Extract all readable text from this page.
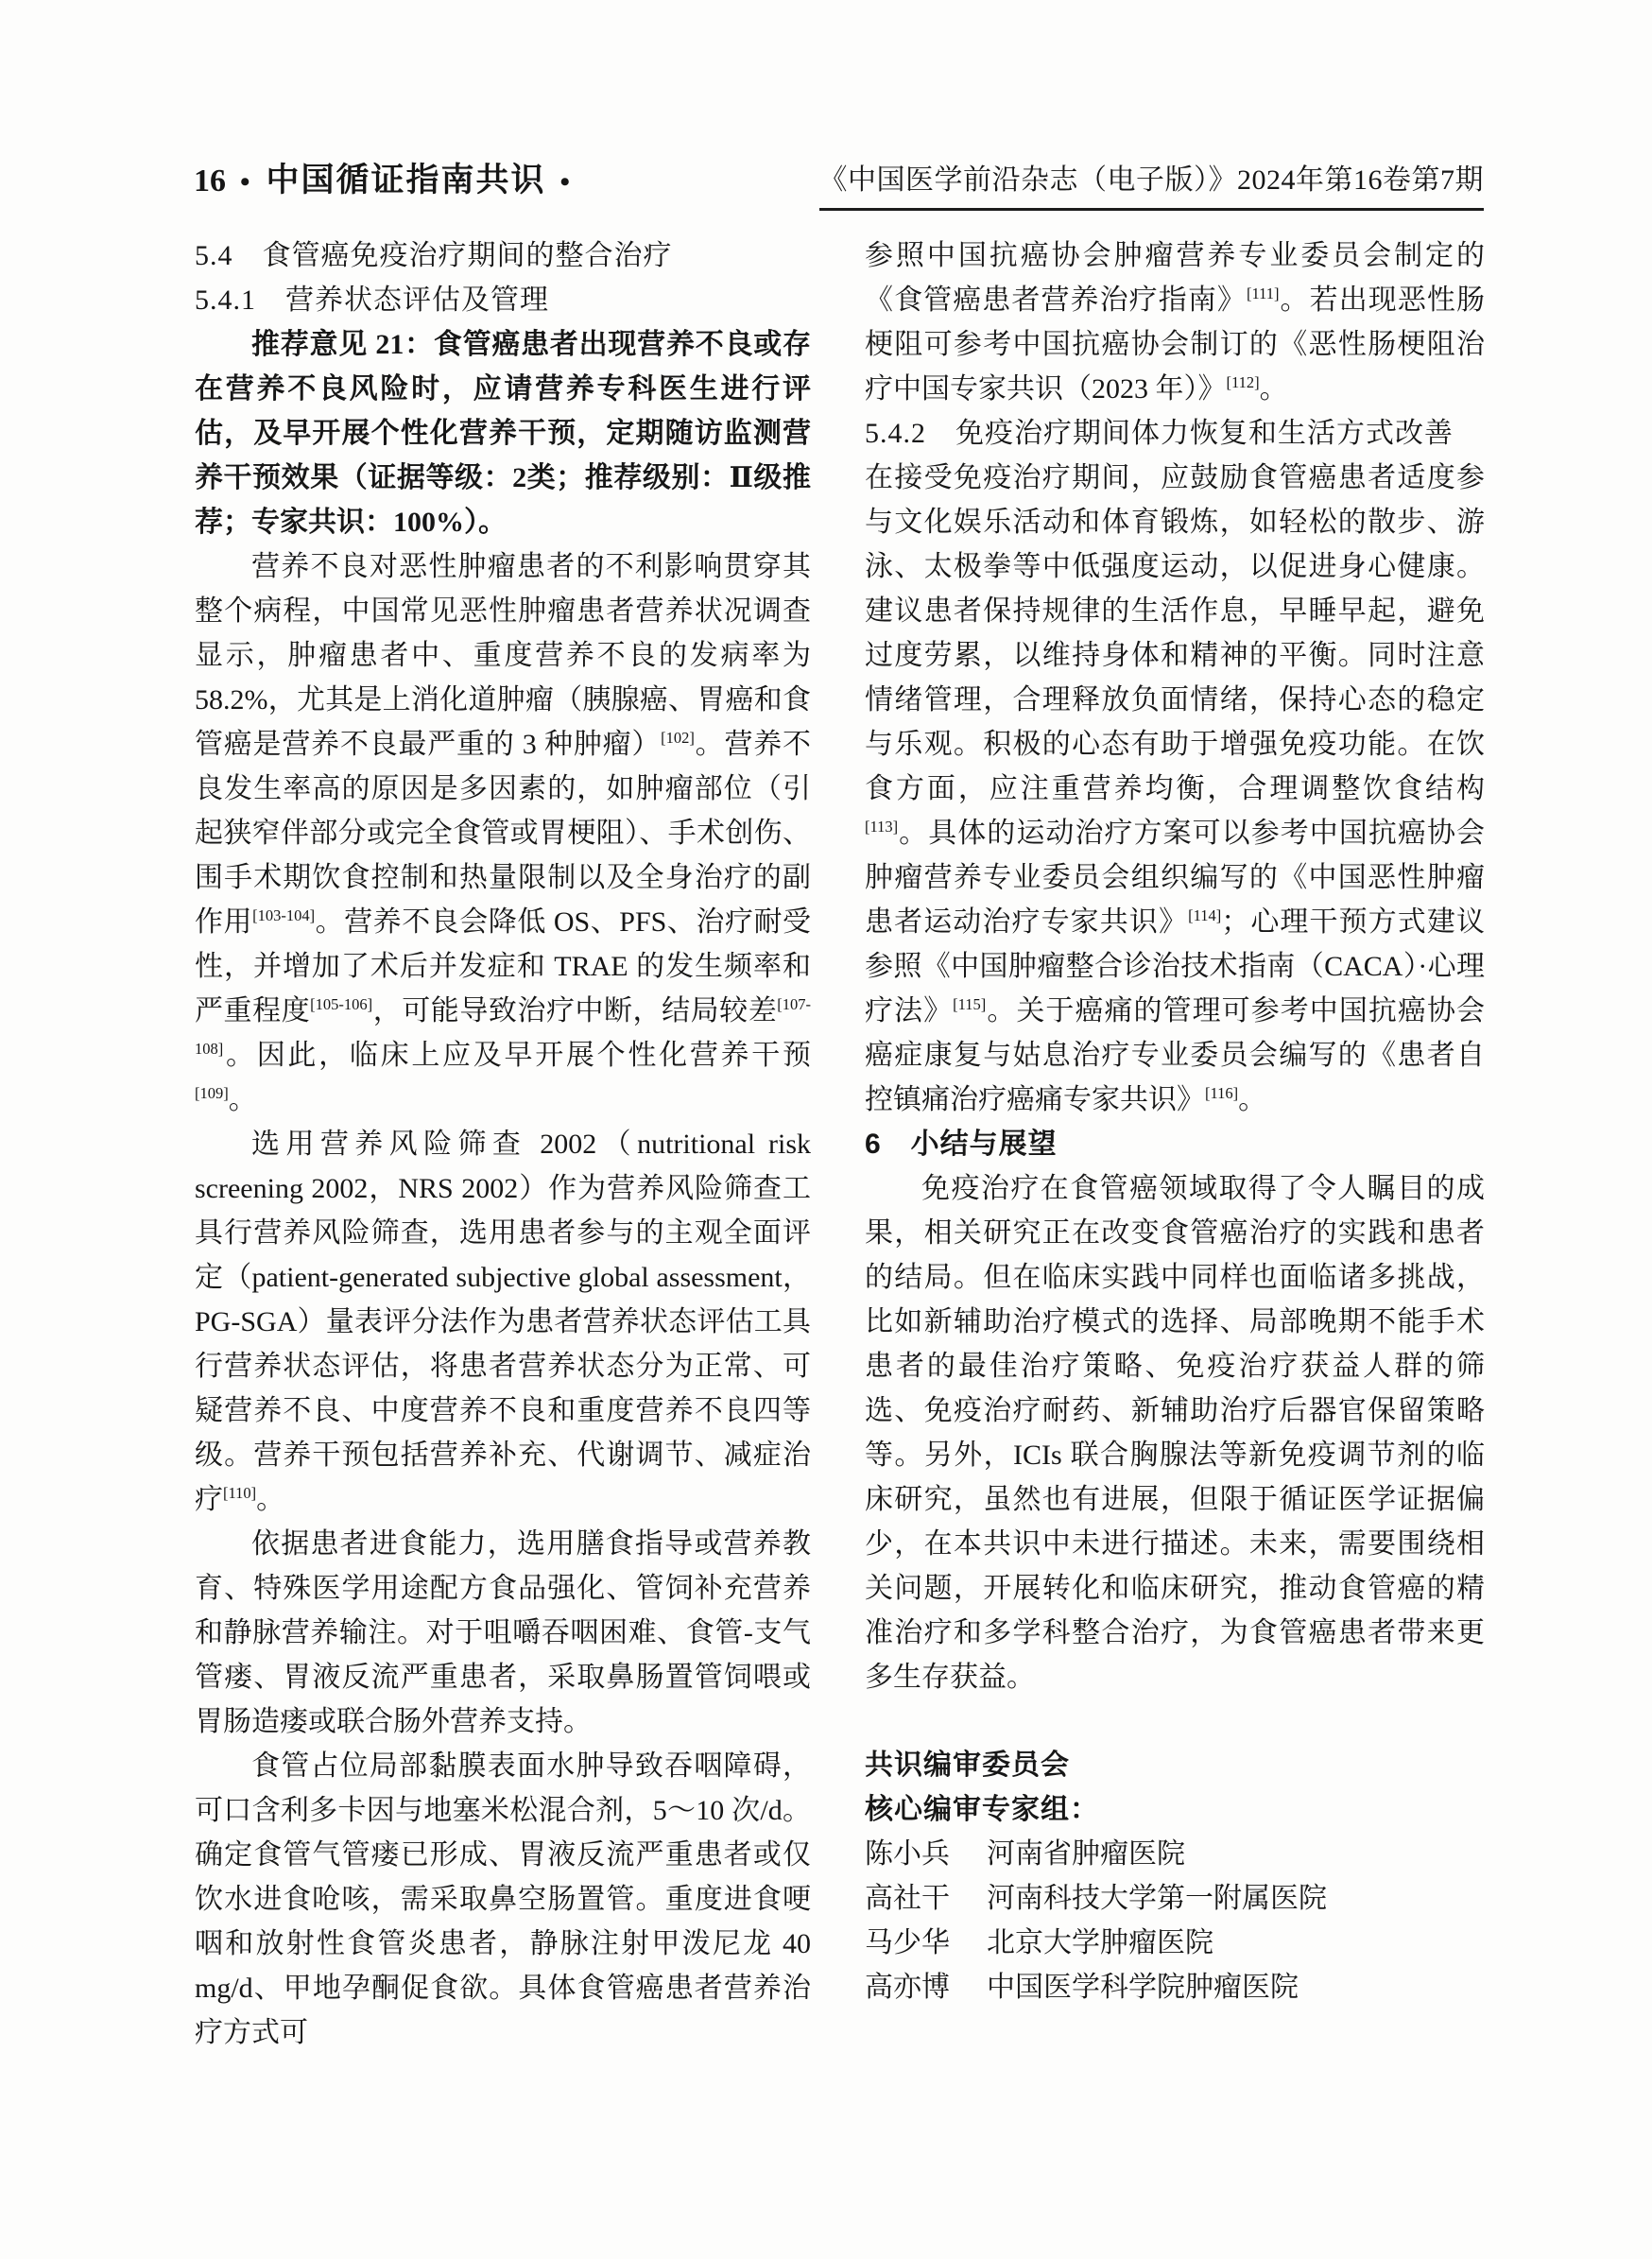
16 • 中国循证指南共识 •	《中国医学前沿杂志（电子版）》2024年第16卷第7期
5.4　食管癌免疫治疗期间的整合治疗
5.4.1　营养状态评估及管理

推荐意见 21：食管癌患者出现营养不良或存在营养不良风险时，应请营养专科医生进行评估，及早开展个性化营养干预，定期随访监测营养干预效果（证据等级：2类；推荐级别：Ⅱ级推荐；专家共识：100%）。

营养不良对恶性肿瘤患者的不利影响贯穿其整个病程，中国常见恶性肿瘤患者营养状况调查显示，肿瘤患者中、重度营养不良的发病率为58.2%，尤其是上消化道肿瘤（胰腺癌、胃癌和食管癌是营养不良最严重的 3 种肿瘤）[102]。营养不良发生率高的原因是多因素的，如肿瘤部位（引起狭窄伴部分或完全食管或胃梗阻）、手术创伤、围手术期饮食控制和热量限制以及全身治疗的副作用[103-104]。营养不良会降低 OS、PFS、治疗耐受性，并增加了术后并发症和 TRAE 的发生频率和严重程度[105-106]，可能导致治疗中断，结局较差[107-108]。因此，临床上应及早开展个性化营养干预[109]。

选用营养风险筛查 2002（nutritional risk screening 2002，NRS 2002）作为营养风险筛查工具行营养风险筛查，选用患者参与的主观全面评定（patient-generated subjective global assessment，PG-SGA）量表评分法作为患者营养状态评估工具行营养状态评估，将患者营养状态分为正常、可疑营养不良、中度营养不良和重度营养不良四等级。营养干预包括营养补充、代谢调节、减症治疗[110]。

依据患者进食能力，选用膳食指导或营养教育、特殊医学用途配方食品强化、管饲补充营养和静脉营养输注。对于咀嚼吞咽困难、食管-支气管瘘、胃液反流严重患者，采取鼻肠置管饲喂或胃肠造瘘或联合肠外营养支持。

食管占位局部黏膜表面水肿导致吞咽障碍，可口含利多卡因与地塞米松混合剂，5～10 次/d。确定食管气管瘘已形成、胃液反流严重患者或仅饮水进食呛咳，需采取鼻空肠置管。重度进食哽咽和放射性食管炎患者，静脉注射甲泼尼龙 40 mg/d、甲地孕酮促食欲。具体食管癌患者营养治疗方式可

参照中国抗癌协会肿瘤营养专业委员会制定的《食管癌患者营养治疗指南》[111]。若出现恶性肠梗阻可参考中国抗癌协会制订的《恶性肠梗阻治疗中国专家共识（2023 年）》[112]。

5.4.2　免疫治疗期间体力恢复和生活方式改善

在接受免疫治疗期间，应鼓励食管癌患者适度参与文化娱乐活动和体育锻炼，如轻松的散步、游泳、太极拳等中低强度运动，以促进身心健康。建议患者保持规律的生活作息，早睡早起，避免过度劳累，以维持身体和精神的平衡。同时注意情绪管理，合理释放负面情绪，保持心态的稳定与乐观。积极的心态有助于增强免疫功能。在饮食方面，应注重营养均衡，合理调整饮食结构[113]。具体的运动治疗方案可以参考中国抗癌协会肿瘤营养专业委员会组织编写的《中国恶性肿瘤患者运动治疗专家共识》[114]；心理干预方式建议参照《中国肿瘤整合诊治技术指南（CACA）·心理疗法》[115]。关于癌痛的管理可参考中国抗癌协会癌症康复与姑息治疗专业委员会编写的《患者自控镇痛治疗癌痛专家共识》[116]。

6　小结与展望

免疫治疗在食管癌领域取得了令人瞩目的成果，相关研究正在改变食管癌治疗的实践和患者的结局。但在临床实践中同样也面临诸多挑战，比如新辅助治疗模式的选择、局部晚期不能手术患者的最佳治疗策略、免疫治疗获益人群的筛选、免疫治疗耐药、新辅助治疗后器官保留策略等。另外，ICIs 联合胸腺法等新免疫调节剂的临床研究，虽然也有进展，但限于循证医学证据偏少，在本共识中未进行描述。未来，需要围绕相关问题，开展转化和临床研究，推动食管癌的精准治疗和多学科整合治疗，为食管癌患者带来更多生存获益。

共识编审委员会
核心编审专家组：
陈小兵 河南省肿瘤医院
高社干 河南科技大学第一附属医院
马少华 北京大学肿瘤医院
高亦博 中国医学科学院肿瘤医院
